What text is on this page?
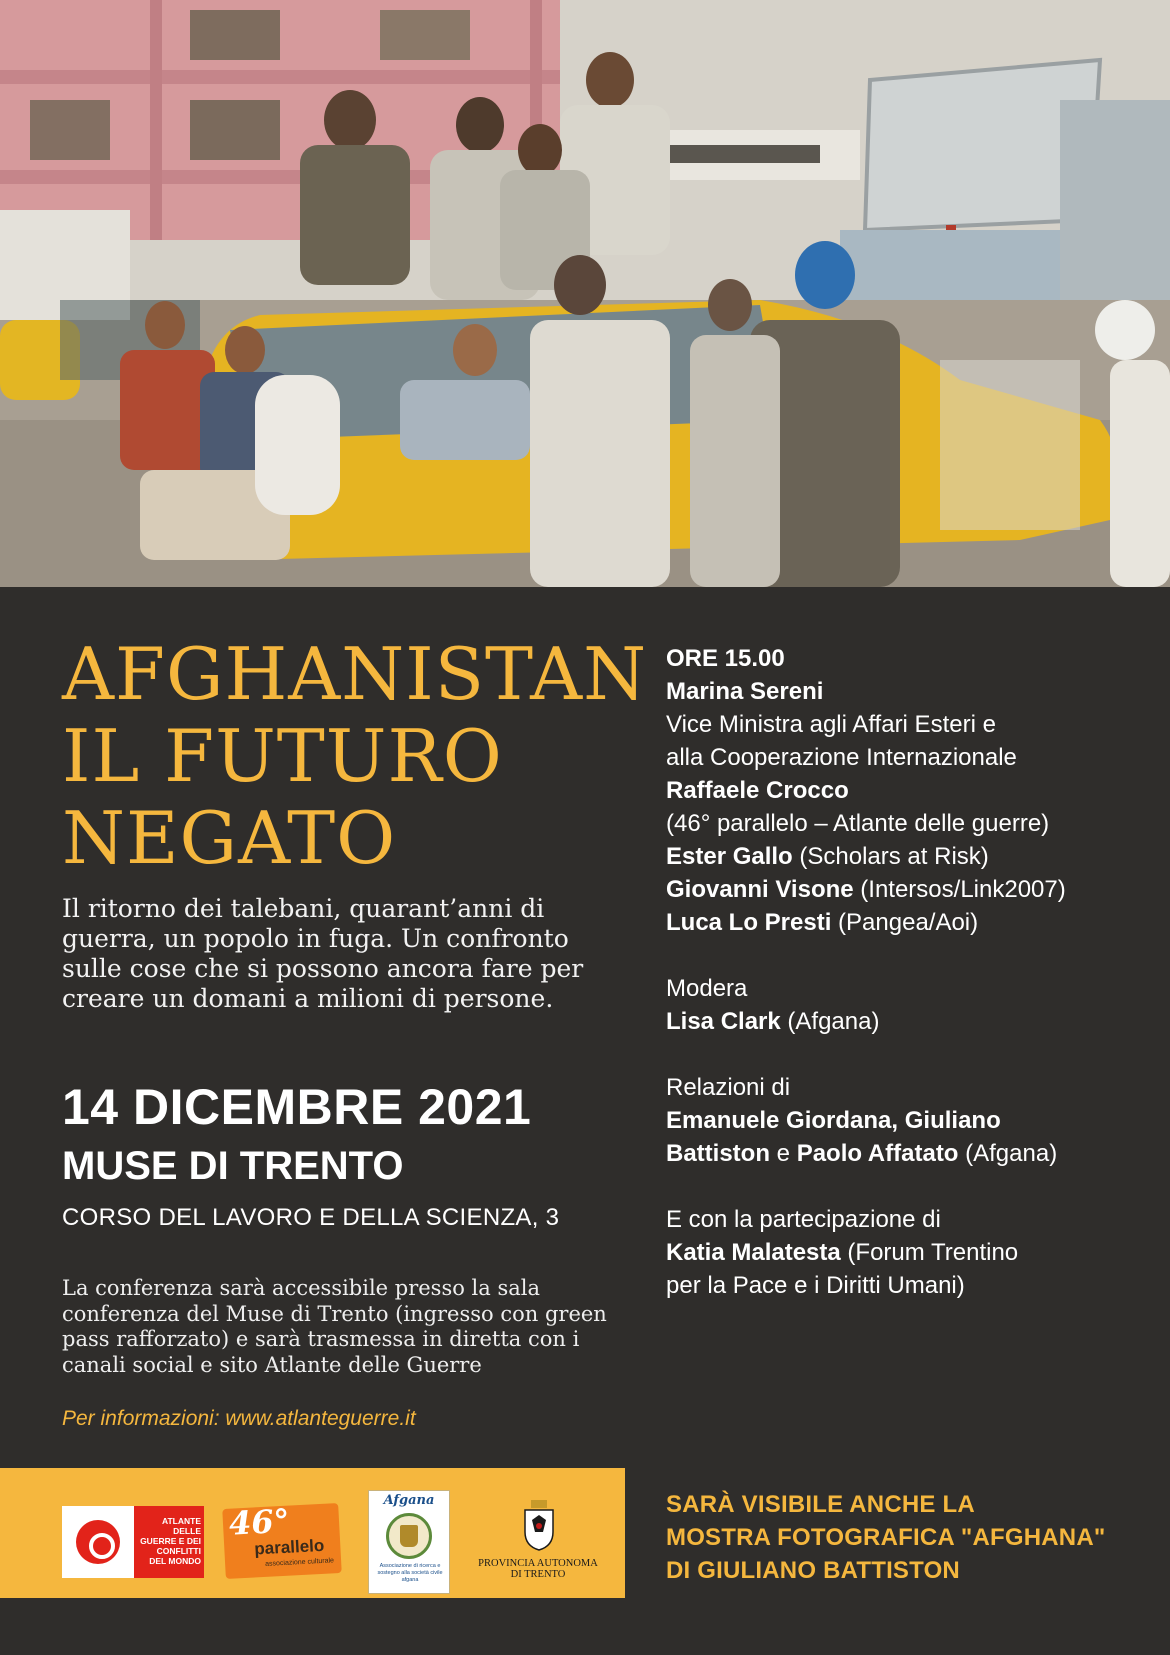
AFGHANISTAN
IL FUTURO
NEGATO

Il ritorno dei talebani, quarant’anni di guerra, un popolo in fuga. Un confronto sulle cose che si possono ancora fare per creare un domani a milioni di persone.

14 DICEMBRE 2021
MUSE DI TRENTO
CORSO DEL LAVORO E DELLA SCIENZA, 3

La conferenza sarà accessibile presso la sala conferenza del Muse di Trento (ingresso con green pass rafforzato) e sarà trasmessa in diretta con i canali social e sito Atlante delle Guerre

Per informazioni: www.atlanteguerre.it
ORE 15.00
Marina Sereni
Vice Ministra agli Affari Esteri e
alla Cooperazione Internazionale
Raffaele Crocco
(46° parallelo – Atlante delle guerre)
Ester Gallo (Scholars at Risk)
Giovanni Visone (Intersos/Link2007)
Luca Lo Presti (Pangea/Aoi)
Modera
Lisa Clark (Afgana)
Relazioni di
Emanuele Giordana, Giuliano
Battiston e Paolo Affatato (Afgana)
E con la partecipazione di
Katia Malatesta (Forum Trentino
per la Pace e i Diritti Umani)
ATLANTE DELLE GUERRE E DEI CONFLITTI DEL MONDO
46°
parallelo
associazione culturale
Afgana
Associazione di ricerca e sostegno alla società civile afgana
PROVINCIA AUTONOMA DI TRENTO
SARÀ VISIBILE ANCHE LA
MOSTRA FOTOGRAFICA "AFGHANA"
DI GIULIANO BATTISTON
